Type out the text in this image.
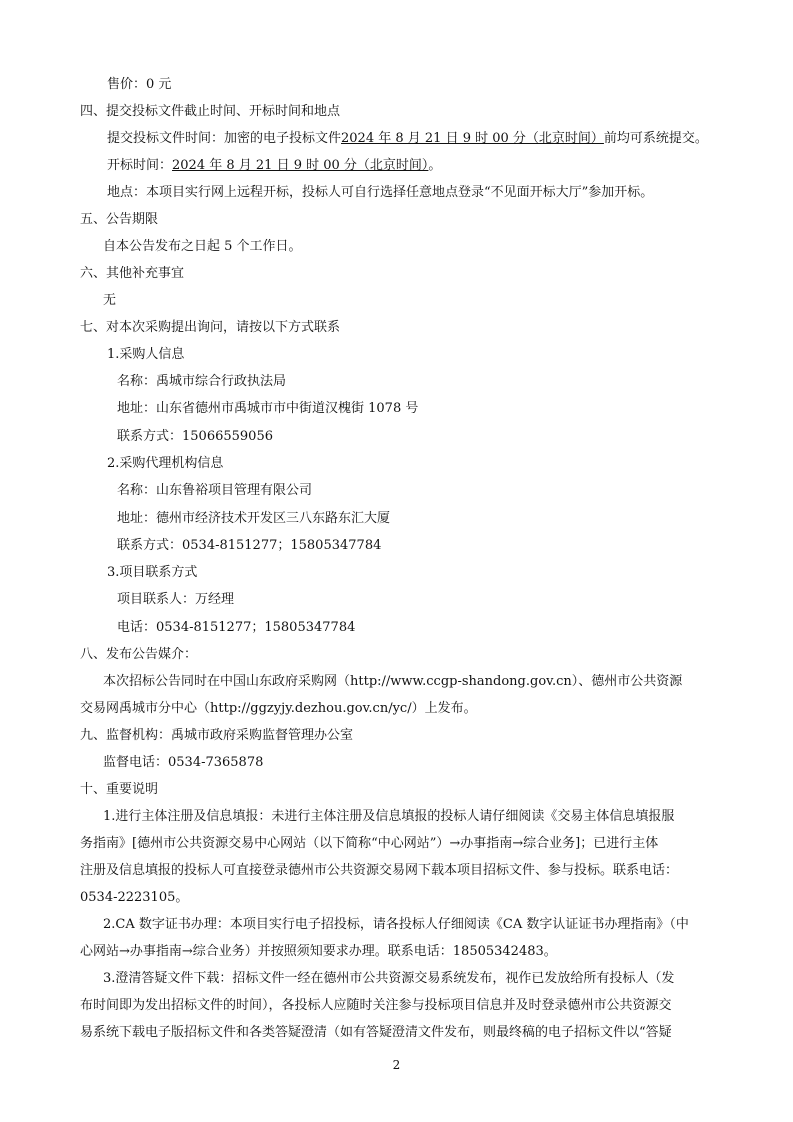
售价：0 元
四、提交投标文件截止时间、开标时间和地点
提交投标文件时间：加密的电子投标文件2024 年 8 月 21 日 9 时 00 分（北京时间）前均可系统提交。
开标时间：2024 年 8 月 21 日 9 时 00 分（北京时间）。
地点：本项目实行网上远程开标，投标人可自行选择任意地点登录“不见面开标大厅”参加开标。
五、公告期限
自本公告发布之日起 5 个工作日。
六、其他补充事宜
无
七、对本次采购提出询问，请按以下方式联系
1.采购人信息
名称：禹城市综合行政执法局
地址：山东省德州市禹城市市中街道汉槐街 1078 号
联系方式：15066559056
2.采购代理机构信息
名称：山东鲁裕项目管理有限公司
地址：德州市经济技术开发区三八东路东汇大厦
联系方式：0534-8151277；15805347784
3.项目联系方式
项目联系人：万经理
电话：0534-8151277；15805347784
八、发布公告媒介：
本次招标公告同时在中国山东政府采购网（http://www.ccgp-shandong.gov.cn）、德州市公共资源
交易网禹城市分中心（http://ggzyjy.dezhou.gov.cn/yc/）上发布。
九、监督机构：禹城市政府采购监督管理办公室
监督电话：0534-7365878
十、重要说明
1.进行主体注册及信息填报：未进行主体注册及信息填报的投标人请仔细阅读《交易主体信息填报服
务指南》[德州市公共资源交易中心网站（以下简称“中心网站”）→办事指南→综合业务]；已进行主体
注册及信息填报的投标人可直接登录德州市公共资源交易网下载本项目招标文件、参与投标。联系电话：
0534-2223105。
2.CA 数字证书办理：本项目实行电子招投标，请各投标人仔细阅读《CA 数字认证证书办理指南》（中
心网站→办事指南→综合业务）并按照须知要求办理。联系电话：18505342483。
3.澄清答疑文件下载：招标文件一经在德州市公共资源交易系统发布，视作已发放给所有投标人（发
布时间即为发出招标文件的时间），各投标人应随时关注参与投标项目信息并及时登录德州市公共资源交
易系统下载电子版招标文件和各类答疑澄清（如有答疑澄清文件发布，则最终稿的电子招标文件以“答疑
2
